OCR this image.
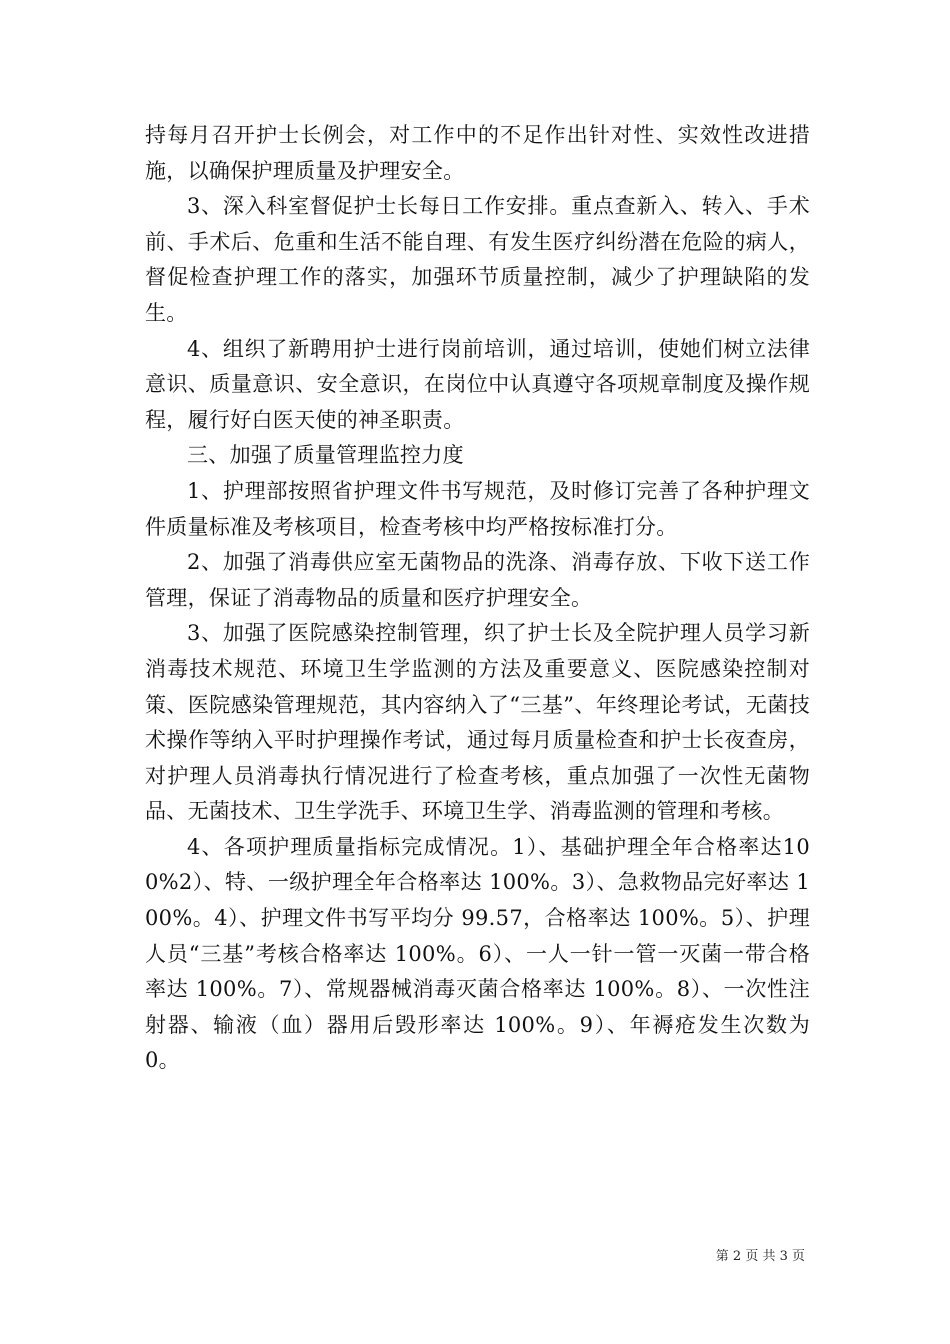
持每月召开护士长例会，对工作中的不足作出针对性、实效性改进措施，以确保护理质量及护理安全。

3、深入科室督促护士长每日工作安排。重点查新入、转入、手术前、手术后、危重和生活不能自理、有发生医疗纠纷潜在危险的病人，督促检查护理工作的落实，加强环节质量控制，减少了护理缺陷的发生。

4、组织了新聘用护士进行岗前培训，通过培训，使她们树立法律意识、质量意识、安全意识，在岗位中认真遵守各项规章制度及操作规程，履行好白医天使的神圣职责。

三、加强了质量管理监控力度

1、护理部按照省护理文件书写规范，及时修订完善了各种护理文件质量标准及考核项目，检查考核中均严格按标准打分。

2、加强了消毒供应室无菌物品的洗涤、消毒存放、下收下送工作管理，保证了消毒物品的质量和医疗护理安全。

3、加强了医院感染控制管理，织了护士长及全院护理人员学习新消毒技术规范、环境卫生学监测的方法及重要意义、医院感染控制对策、医院感染管理规范，其内容纳入了“三基”、年终理论考试，无菌技术操作等纳入平时护理操作考试，通过每月质量检查和护士长夜查房，对护理人员消毒执行情况进行了检查考核，重点加强了一次性无菌物品、无菌技术、卫生学洗手、环境卫生学、消毒监测的管理和考核。

4、各项护理质量指标完成情况。1）、基础护理全年合格率达100%2）、特、一级护理全年合格率达 100%。3）、急救物品完好率达 100%。4）、护理文件书写平均分 99.57，合格率达 100%。5）、护理人员“三基”考核合格率达 100%。6）、一人一针一管一灭菌一带合格率达 100%。7）、常规器械消毒灭菌合格率达 100%。8）、一次性注射器、输液（血）器用后毁形率达 100%。9）、年褥疮发生次数为 0。

第 2 页 共 3 页
